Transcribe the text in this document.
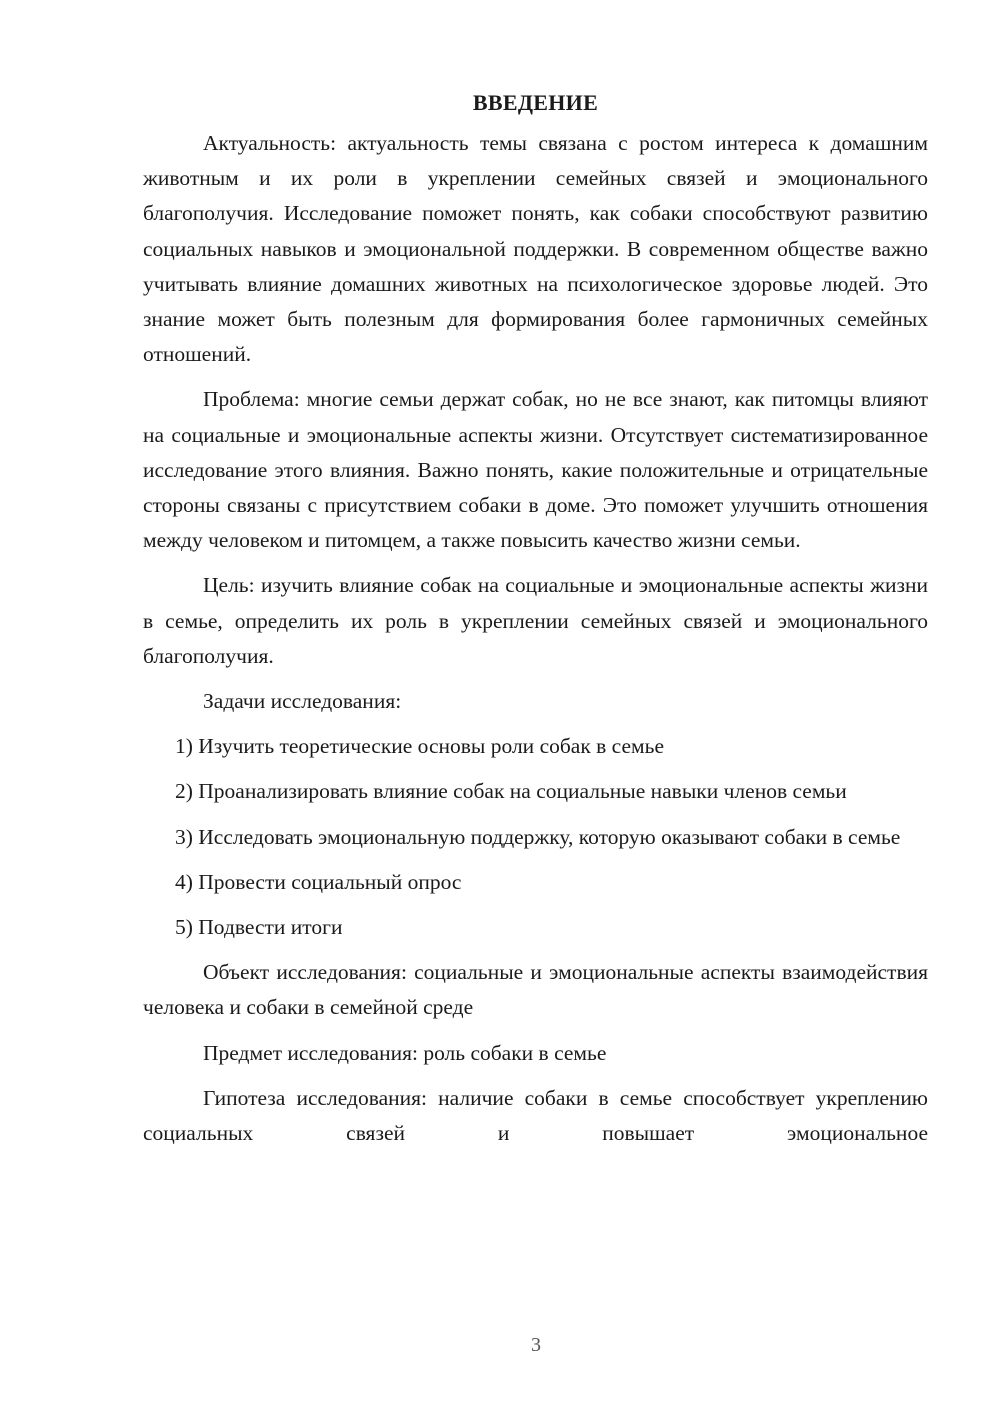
ВВЕДЕНИЕ

Актуальность: актуальность темы связана с ростом интереса к домашним животным и их роли в укреплении семейных связей и эмоционального благополучия. Исследование поможет понять, как собаки способствуют развитию социальных навыков и эмоциональной поддержки. В современном обществе важно учитывать влияние домашних животных на психологическое здоровье людей. Это знание может быть полезным для формирования более гармоничных семейных отношений.

Проблема: многие семьи держат собак, но не все знают, как питомцы влияют на социальные и эмоциональные аспекты жизни. Отсутствует систематизированное исследование этого влияния. Важно понять, какие положительные и отрицательные стороны связаны с присутствием собаки в доме. Это поможет улучшить отношения между человеком и питомцем, а также повысить качество жизни семьи.

Цель: изучить влияние собак на социальные и эмоциональные аспекты жизни в семье, определить их роль в укреплении семейных связей и эмоционального благополучия.

Задачи исследования:

1) Изучить теоретические основы роли собак в семье

2) Проанализировать влияние собак на социальные навыки членов семьи

3) Исследовать эмоциональную поддержку, которую оказывают собаки в семье

4) Провести социальный опрос

5) Подвести итоги

Объект исследования: социальные и эмоциональные аспекты взаимодействия человека и собаки в семейной среде

Предмет исследования: роль собаки в семье

Гипотеза исследования: наличие собаки в семье способствует укреплению социальных связей и повышает эмоциональное

3
